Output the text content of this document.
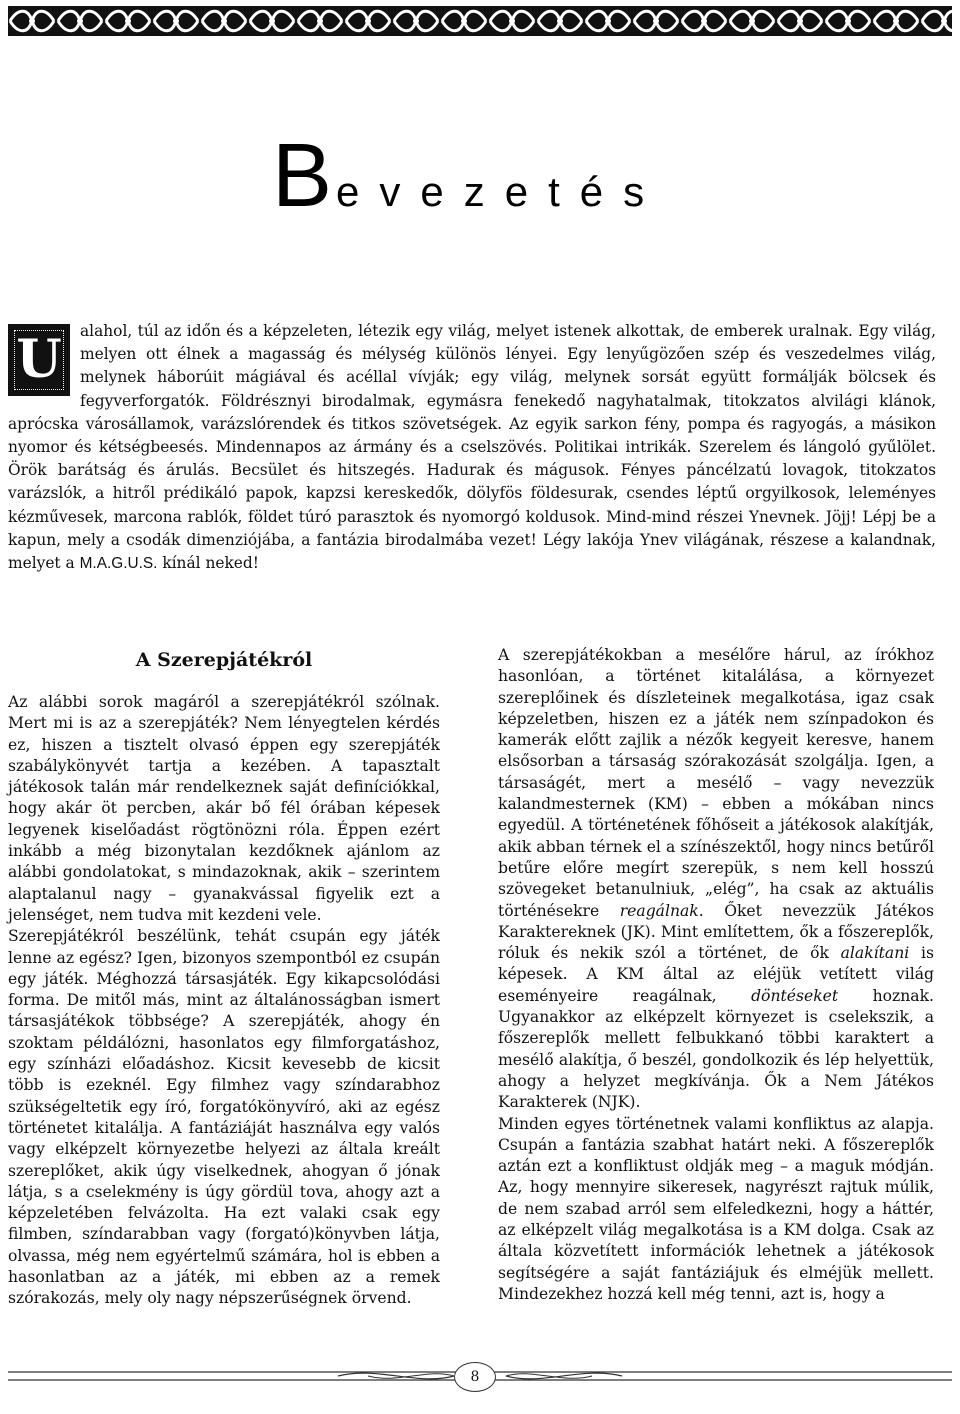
Bevezetés
U	alahol, túl az időn és a képzeleten, létezik egy világ, melyet istenek alkottak, de emberek uralnak. Egy világ, melyen ott élnek a magasság és mélység különös lényei. Egy lenyűgözően szép és veszedelmes világ, melynek háborúit mágiával és acéllal vívják; egy világ, melynek sorsát együtt formálják bölcsek és fegyverforgatók. Földrésznyi birodalmak, egymásra fenekedő nagyhatalmak, titokzatos alvilági klánok, aprócska városállamok, varázslórendek és titkos szövetségek. Az egyik sarkon fény, pompa és ragyogás, a másikon nyomor és kétségbeesés. Mindennapos az ármány és a cselszövés. Politikai intrikák. Szerelem és lángoló gyűlölet. Örök barátság és árulás. Becsület és hitszegés. Hadurak és mágusok. Fényes páncélzatú lovagok, titokzatos varázslók, a hitről prédikáló papok, kapzsi kereskedők, dölyfös földesurak, csendes léptű orgyilkosok, leleményes kézművesek, marcona rablók, földet túró parasztok és nyomorgó koldusok. Mind-mind részei Ynevnek. Jöjj! Lépj be a kapun, mely a csodák dimenziójába, a fantázia birodalmába vezet! Légy lakója Ynev világának, részese a kalandnak, melyet a M.A.G.U.S. kínál neked!

A Szerepjátékról

Az alábbi sorok magáról a szerepjátékról szólnak. Mert mi is az a szerepjáték? Nem lényegtelen kérdés ez, hiszen a tisztelt olvasó éppen egy szerepjáték szabálykönyvét tartja a kezében. A tapasztalt játékosok talán már rendelkeznek saját definíciókkal, hogy akár öt percben, akár bő fél órában képesek legyenek kiselőadást rögtönözni róla. Éppen ezért inkább a még bizonytalan kezdőknek ajánlom az alábbi gondolatokat, s mindazoknak, akik – szerintem alaptalanul nagy – gyanakvással figyelik ezt a jelenséget, nem tudva mit kezdeni vele.

Szerepjátékról beszélünk, tehát csupán egy játék lenne az egész? Igen, bizonyos szempontból ez csupán egy játék. Méghozzá társasjáték. Egy kikapcsolódási forma. De mitől más, mint az általánosságban ismert társasjátékok többsége? A szerepjáték, ahogy én szoktam példálózni, hasonlatos egy filmforgatáshoz, egy színházi előadáshoz. Kicsit kevesebb de kicsit több is ezeknél. Egy filmhez vagy színdarabhoz szükségeltetik egy író, forgatókönyvíró, aki az egész történetet kitalálja. A fantáziáját használva egy valós vagy elképzelt környezetbe helyezi az általa kreált szereplőket, akik úgy viselkednek, ahogyan ő jónak látja, s a cselekmény is úgy gördül tova, ahogy azt a képzeletében felvázolta. Ha ezt valaki csak egy filmben, színdarabban vagy (forgató)könyvben látja, olvassa, még nem egyértelmű számára, hol is ebben a hasonlatban az a játék, mi ebben az a remek szórakozás, mely oly nagy népszerűségnek örvend.

A szerepjátékokban a mesélőre hárul, az írókhoz hasonlóan, a történet kitalálása, a környezet szereplőinek és díszleteinek megalkotása, igaz csak képzeletben, hiszen ez a játék nem színpadokon és kamerák előtt zajlik a nézők kegyeit keresve, hanem elsősorban a társaság szórakozását szolgálja. Igen, a társaságét, mert a mesélő – vagy nevezzük kalandmesternek (KM) – ebben a mókában nincs egyedül. A történetének főhőseit a játékosok alakítják, akik abban térnek el a színészektől, hogy nincs betűről betűre előre megírt szerepük, s nem kell hosszú szövegeket betanulniuk, „elég”, ha csak az aktuális történésekre reagálnak. Őket nevezzük Játékos Karaktereknek (JK). Mint említettem, ők a főszereplők, róluk és nekik szól a történet, de ők alakítani is képesek. A KM által az eléjük vetített világ eseményeire reagálnak, döntéseket hoznak. Ugyanakkor az elképzelt környezet is cselekszik, a főszereplők mellett felbukkanó többi karaktert a mesélő alakítja, ő beszél, gondolkozik és lép helyettük, ahogy a helyzet megkívánja. Ők a Nem Játékos Karakterek (NJK).

Minden egyes történetnek valami konfliktus az alapja. Csupán a fantázia szabhat határt neki. A főszereplők aztán ezt a konfliktust oldják meg – a maguk módján. Az, hogy mennyire sikeresek, nagyrészt rajtuk múlik, de nem szabad arról sem elfeledkezni, hogy a háttér, az elképzelt világ megalkotása is a KM dolga. Csak az általa közvetített információk lehetnek a játékosok segítségére a saját fantáziájuk és elméjük mellett. Mindezekhez hozzá kell még tenni, azt is, hogy a

8
